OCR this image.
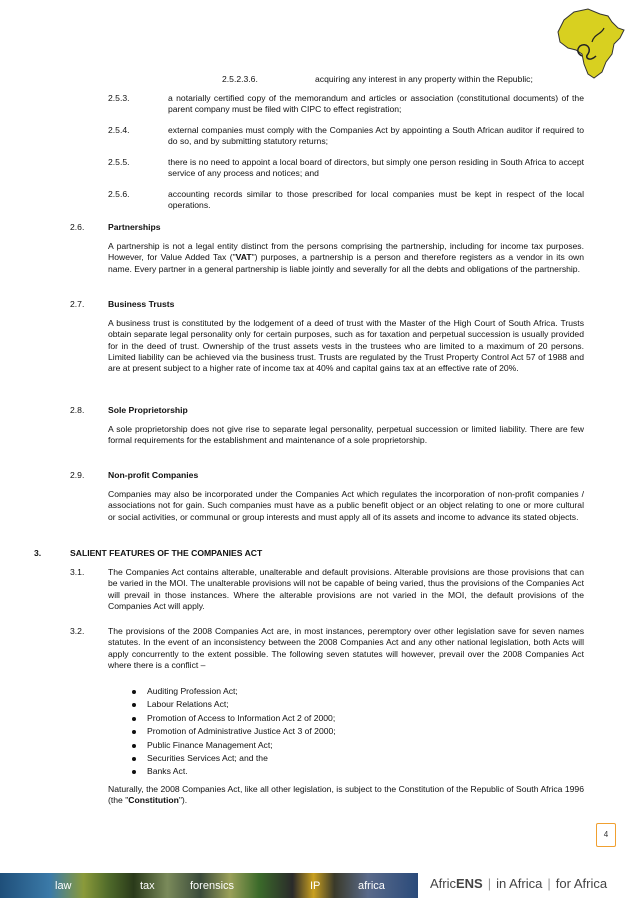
2.5.2.3.6.	acquiring any interest in any property within the Republic;
2.5.3.	a notarially certified copy of the memorandum and articles or association (constitutional documents) of the parent company must be filed with CIPC to effect registration;
2.5.4.	external companies must comply with the Companies Act by appointing a South African auditor if required to do so, and by submitting statutory returns;
2.5.5.	there is no need to appoint a local board of directors, but simply one person residing in South Africa to accept service of any process and notices; and
2.5.6.	accounting records similar to those prescribed for local companies must be kept in respect of the local operations.
2.6.	Partnerships
A partnership is not a legal entity distinct from the persons comprising the partnership, including for income tax purposes. However, for Value Added Tax ("VAT") purposes, a partnership is a person and therefore registers as a vendor in its own name. Every partner in a general partnership is liable jointly and severally for all the debts and obligations of the partnership.
2.7.	Business Trusts
A business trust is constituted by the lodgement of a deed of trust with the Master of the High Court of South Africa. Trusts obtain separate legal personality only for certain purposes, such as for taxation and perpetual succession is usually provided for in the deed of trust. Ownership of the trust assets vests in the trustees who are limited to a maximum of 20 persons. Limited liability can be achieved via the business trust. Trusts are regulated by the Trust Property Control Act 57 of 1988 and are at present subject to a higher rate of income tax at 40% and capital gains tax at an effective rate of 20%.
2.8.	Sole Proprietorship
A sole proprietorship does not give rise to separate legal personality, perpetual succession or limited liability. There are few formal requirements for the establishment and maintenance of a sole proprietorship.
2.9.	Non-profit Companies
Companies may also be incorporated under the Companies Act which regulates the incorporation of non-profit companies / associations not for gain. Such companies must have as a public benefit object or an object relating to one or more cultural or social activities, or communal or group interests and must apply all of its assets and income to advance its stated objects.
3.	SALIENT FEATURES OF THE COMPANIES ACT
3.1.	The Companies Act contains alterable, unalterable and default provisions. Alterable provisions are those provisions that can be varied in the MOI. The unalterable provisions will not be capable of being varied, thus the provisions of the Companies Act will prevail in those instances. Where the alterable provisions are not varied in the MOI, the default provisions of the Companies Act will apply.
3.2.	The provisions of the 2008 Companies Act are, in most instances, peremptory over other legislation save for seven names statutes. In the event of an inconsistency between the 2008 Companies Act and any other national legislation, both Acts will apply concurrently to the extent possible. The following seven statutes will however, prevail over the 2008 Companies Act where there is a conflict –
Auditing Profession Act;
Labour Relations Act;
Promotion of Access to Information Act 2 of 2000;
Promotion of Administrative Justice Act 3 of 2000;
Public Finance Management Act;
Securities Services Act; and the
Banks Act.
Naturally, the 2008 Companies Act, like all other legislation, is subject to the Constitution of the Republic of South Africa 1996 (the "Constitution").
4
law	tax	forensics	IP	africa	AfricENS | in Africa | for Africa
